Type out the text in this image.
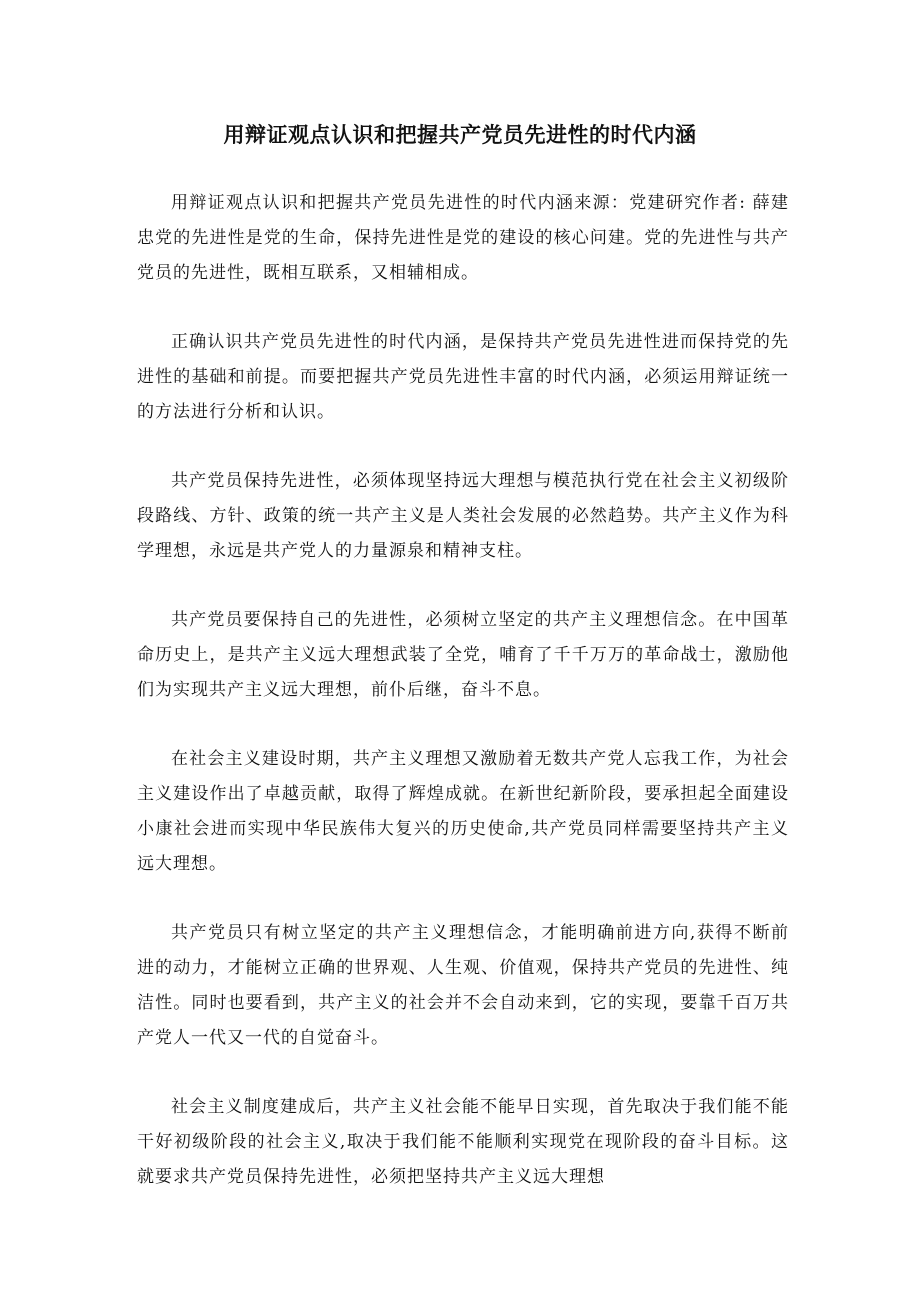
用辩证观点认识和把握共产党员先进性的时代内涵

用辩证观点认识和把握共产党员先进性的时代内涵来源：党建研究作者: 薛建忠党的先进性是党的生命，保持先进性是党的建设的核心问建。党的先进性与共产党员的先进性，既相互联系，又相辅相成。

正确认识共产党员先进性的时代内涵，是保持共产党员先进性进而保持党的先进性的基础和前提。而要把握共产党员先进性丰富的时代内涵，必须运用辩证统一的方法进行分析和认识。

共产党员保持先进性，必须体现坚持远大理想与模范执行党在社会主义初级阶段路线、方针、政策的统一共产主义是人类社会发展的必然趋势。共产主义作为科学理想，永远是共产党人的力量源泉和精神支柱。

共产党员要保持自己的先进性，必须树立坚定的共产主义理想信念。在中国革命历史上，是共产主义远大理想武装了全党，哺育了千千万万的革命战士，激励他们为实现共产主义远大理想，前仆后继，奋斗不息。

在社会主义建设时期，共产主义理想又激励着无数共产党人忘我工作，为社会主义建设作出了卓越贡献，取得了辉煌成就。在新世纪新阶段，要承担起全面建设小康社会进而实现中华民族伟大复兴的历史使命,共产党员同样需要坚持共产主义远大理想。

共产党员只有树立坚定的共产主义理想信念，才能明确前进方向,获得不断前进的动力，才能树立正确的世界观、人生观、价值观，保持共产党员的先进性、纯洁性。同时也要看到，共产主义的社会并不会自动来到，它的实现，要靠千百万共产党人一代又一代的自觉奋斗。

社会主义制度建成后，共产主义社会能不能早日实现，首先取决于我们能不能干好初级阶段的社会主义,取决于我们能不能顺利实现党在现阶段的奋斗目标。这就要求共产党员保持先进性，必须把坚持共产主义远大理想
